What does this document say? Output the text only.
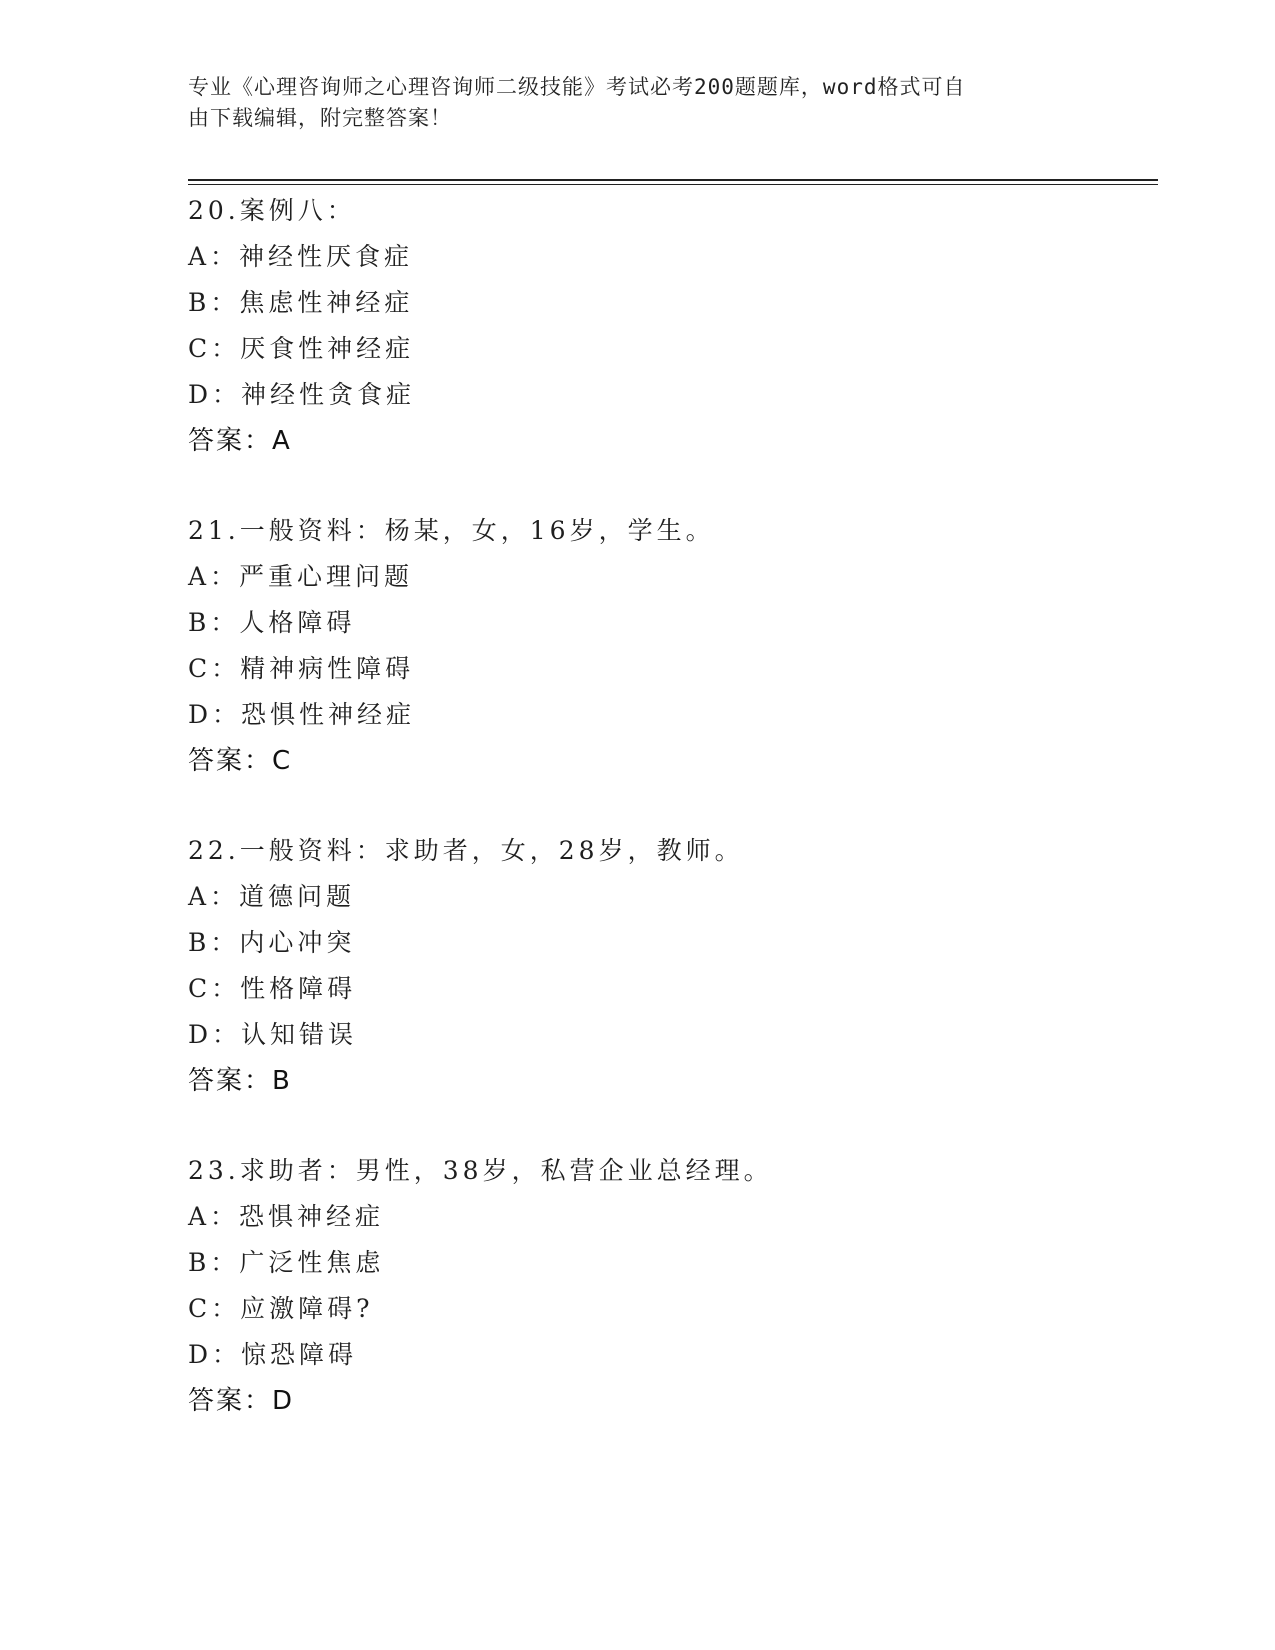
专业《心理咨询师之心理咨询师二级技能》考试必考200题题库，word格式可自
由下载编辑，附完整答案！
20.案例八：
A：神经性厌食症
B：焦虑性神经症
C：厌食性神经症
D：神经性贪食症
答案：A
21.一般资料：杨某，女，16岁，学生。
A：严重心理问题
B：人格障碍
C：精神病性障碍
D：恐惧性神经症
答案：C
22.一般资料：求助者，女，28岁，教师。
A：道德问题
B：内心冲突
C：性格障碍
D：认知错误
答案：B
23.求助者：男性，38岁，私营企业总经理。
A：恐惧神经症
B：广泛性焦虑
C：应激障碍?
D：惊恐障碍
答案：D
